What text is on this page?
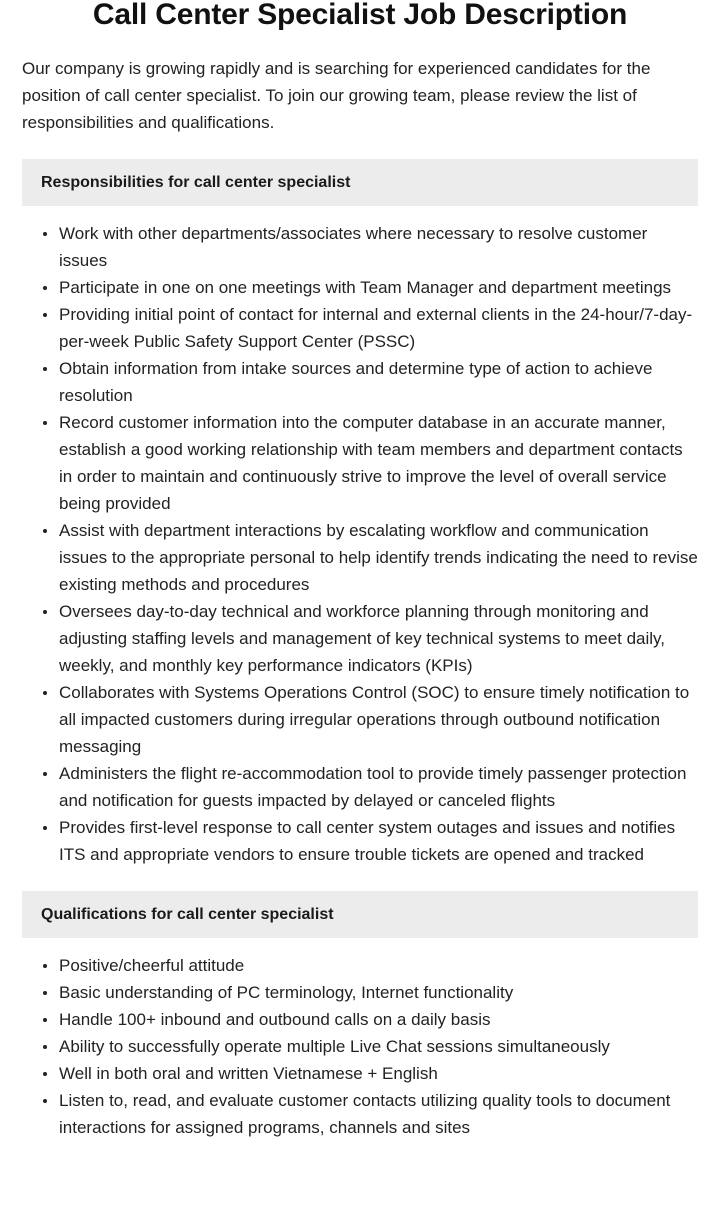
Call Center Specialist Job Description

Our company is growing rapidly and is searching for experienced candidates for the position of call center specialist. To join our growing team, please review the list of responsibilities and qualifications.

Responsibilities for call center specialist
Work with other departments/associates where necessary to resolve customer issues
Participate in one on one meetings with Team Manager and department meetings
Providing initial point of contact for internal and external clients in the 24-hour/7-day-per-week Public Safety Support Center (PSSC)
Obtain information from intake sources and determine type of action to achieve resolution
Record customer information into the computer database in an accurate manner, establish a good working relationship with team members and department contacts in order to maintain and continuously strive to improve the level of overall service being provided
Assist with department interactions by escalating workflow and communication issues to the appropriate personal to help identify trends indicating the need to revise existing methods and procedures
Oversees day-to-day technical and workforce planning through monitoring and adjusting staffing levels and management of key technical systems to meet daily, weekly, and monthly key performance indicators (KPIs)
Collaborates with Systems Operations Control (SOC) to ensure timely notification to all impacted customers during irregular operations through outbound notification messaging
Administers the flight re-accommodation tool to provide timely passenger protection and notification for guests impacted by delayed or canceled flights
Provides first-level response to call center system outages and issues and notifies ITS and appropriate vendors to ensure trouble tickets are opened and tracked
Qualifications for call center specialist
Positive/cheerful attitude
Basic understanding of PC terminology, Internet functionality
Handle 100+ inbound and outbound calls on a daily basis
Ability to successfully operate multiple Live Chat sessions simultaneously
Well in both oral and written Vietnamese + English
Listen to, read, and evaluate customer contacts utilizing quality tools to document interactions for assigned programs, channels and sites
